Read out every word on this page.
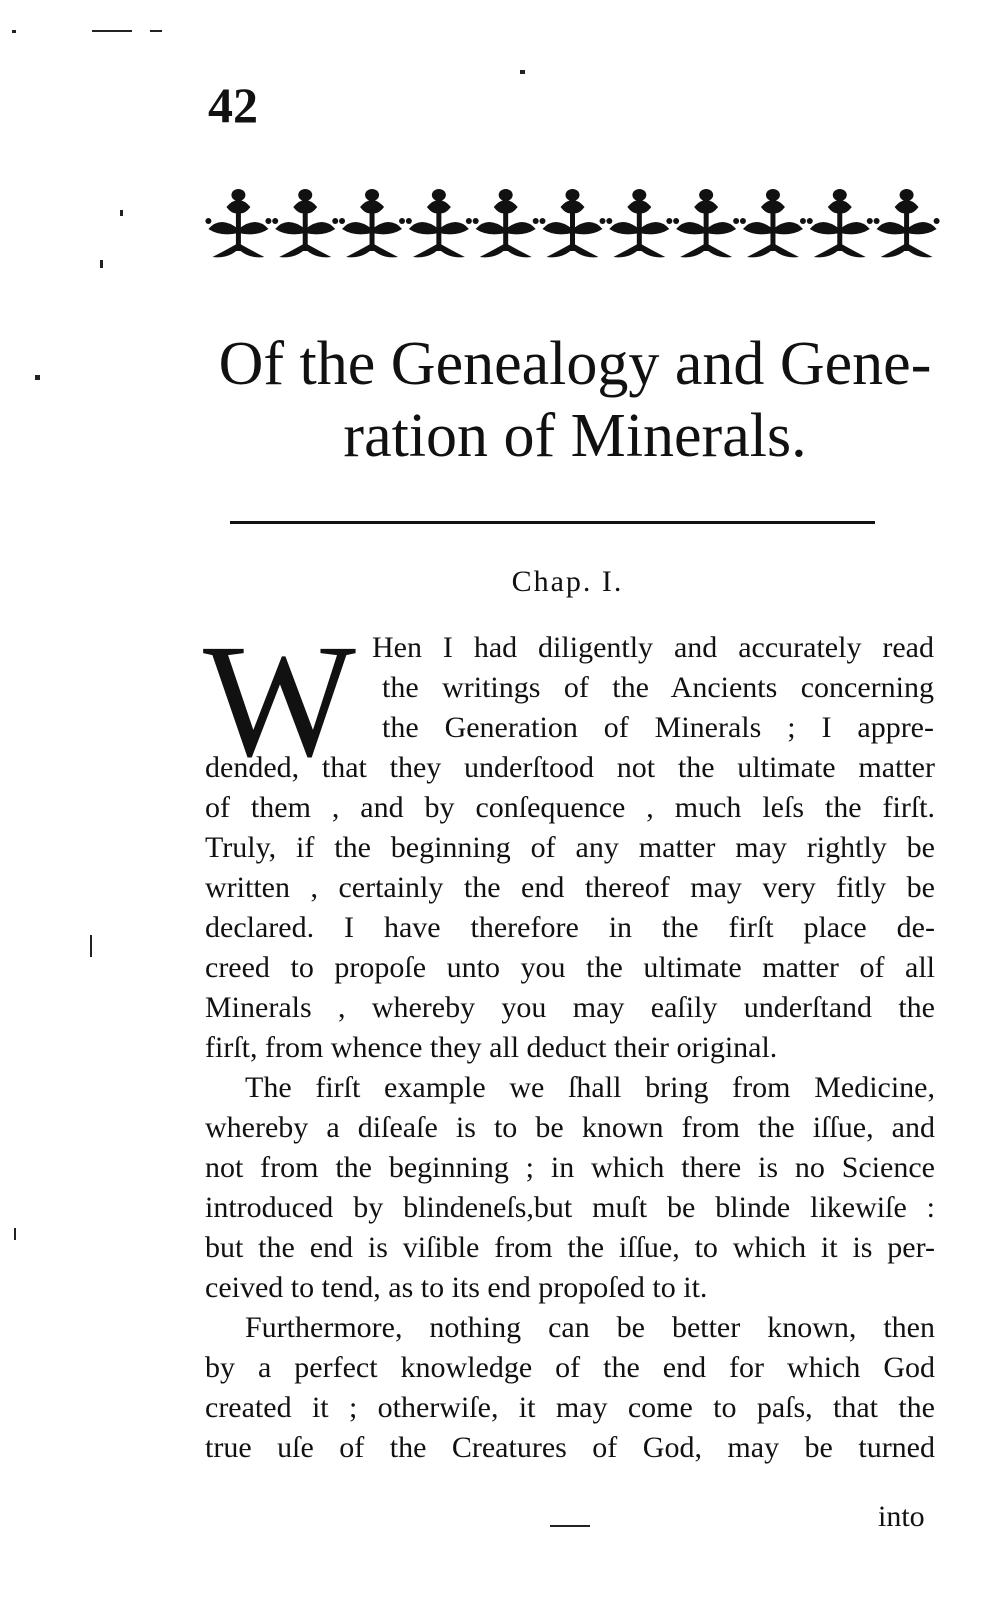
42
Of the Genealogy and Gene-
ration of Minerals.
Chap. I.
W Hen I had diligently and accurately read
the writings of the Ancients concerning
the Generation of Minerals ; I appre-
dended, that they underſtood not the ultimate matter
of them , and by conſequence , much leſs the firſt.
Truly, if the beginning of any matter may rightly be
written , certainly the end thereof may very fitly be
declared. I have therefore in the firſt place de-
creed to propoſe unto you the ultimate matter of all
Minerals , whereby you may eaſily underſtand the
firſt, from whence they all deduct their original.
The firſt example we ſhall bring from Medicine,
whereby a diſeaſe is to be known from the iſſue, and
not from the beginning ; in which there is no Science
introduced by blindeneſs,but muſt be blinde likewiſe :
but the end is viſible from the iſſue, to which it is per-
ceived to tend, as to its end propoſed to it.
Furthermore, nothing can be better known, then
by a perfect knowledge of the end for which God
created it ; otherwiſe, it may come to paſs, that the
true uſe of the Creatures of God, may be turned
into
